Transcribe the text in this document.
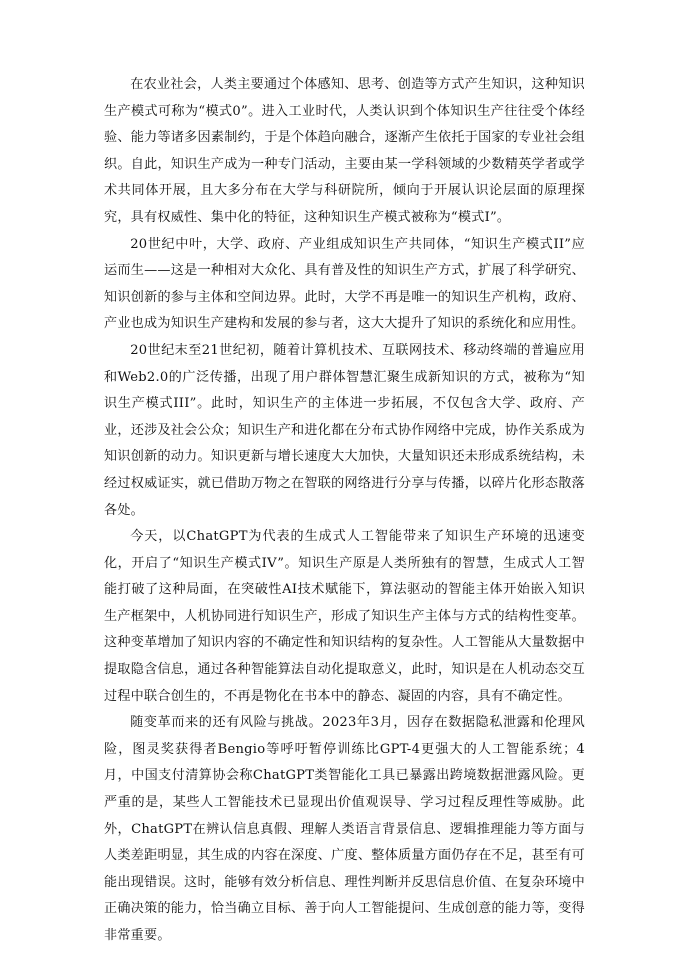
在农业社会，人类主要通过个体感知、思考、创造等方式产生知识，这种知识生产模式可称为“模式0”。进入工业时代，人类认识到个体知识生产往往受个体经验、能力等诸多因素制约，于是个体趋向融合，逐渐产生依托于国家的专业社会组织。自此，知识生产成为一种专门活动，主要由某一学科领域的少数精英学者或学术共同体开展，且大多分布在大学与科研院所，倾向于开展认识论层面的原理探究，具有权威性、集中化的特征，这种知识生产模式被称为“模式I”。

20世纪中叶，大学、政府、产业组成知识生产共同体，“知识生产模式II”应运而生——这是一种相对大众化、具有普及性的知识生产方式，扩展了科学研究、知识创新的参与主体和空间边界。此时，大学不再是唯一的知识生产机构，政府、产业也成为知识生产建构和发展的参与者，这大大提升了知识的系统化和应用性。

20世纪末至21世纪初，随着计算机技术、互联网技术、移动终端的普遍应用和Web2.0的广泛传播，出现了用户群体智慧汇聚生成新知识的方式，被称为“知识生产模式III”。此时，知识生产的主体进一步拓展，不仅包含大学、政府、产业，还涉及社会公众；知识生产和进化都在分布式协作网络中完成，协作关系成为知识创新的动力。知识更新与增长速度大大加快，大量知识还未形成系统结构，未经过权威证实，就已借助万物之在智联的网络进行分享与传播，以碎片化形态散落各处。

今天，以ChatGPT为代表的生成式人工智能带来了知识生产环境的迅速变化，开启了“知识生产模式IV”。知识生产原是人类所独有的智慧，生成式人工智能打破了这种局面，在突破性AI技术赋能下，算法驱动的智能主体开始嵌入知识生产框架中，人机协同进行知识生产，形成了知识生产主体与方式的结构性变革。这种变革增加了知识内容的不确定性和知识结构的复杂性。人工智能从大量数据中提取隐含信息，通过各种智能算法自动化提取意义，此时，知识是在人机动态交互过程中联合创生的，不再是物化在书本中的静态、凝固的内容，具有不确定性。

随变革而来的还有风险与挑战。2023年3月，因存在数据隐私泄露和伦理风险，图灵奖获得者Bengio等呼吁暂停训练比GPT-4更强大的人工智能系统；4月，中国支付清算协会称ChatGPT类智能化工具已暴露出跨境数据泄露风险。更严重的是，某些人工智能技术已显现出价值观误导、学习过程反理性等威胁。此外，ChatGPT在辨认信息真假、理解人类语言背景信息、逻辑推理能力等方面与人类差距明显，其生成的内容在深度、广度、整体质量方面仍存在不足，甚至有可能出现错误。这时，能够有效分析信息、理性判断并反思信息价值、在复杂环境中正确决策的能力，恰当确立目标、善于向人工智能提问、生成创意的能力等，变得非常重要。
